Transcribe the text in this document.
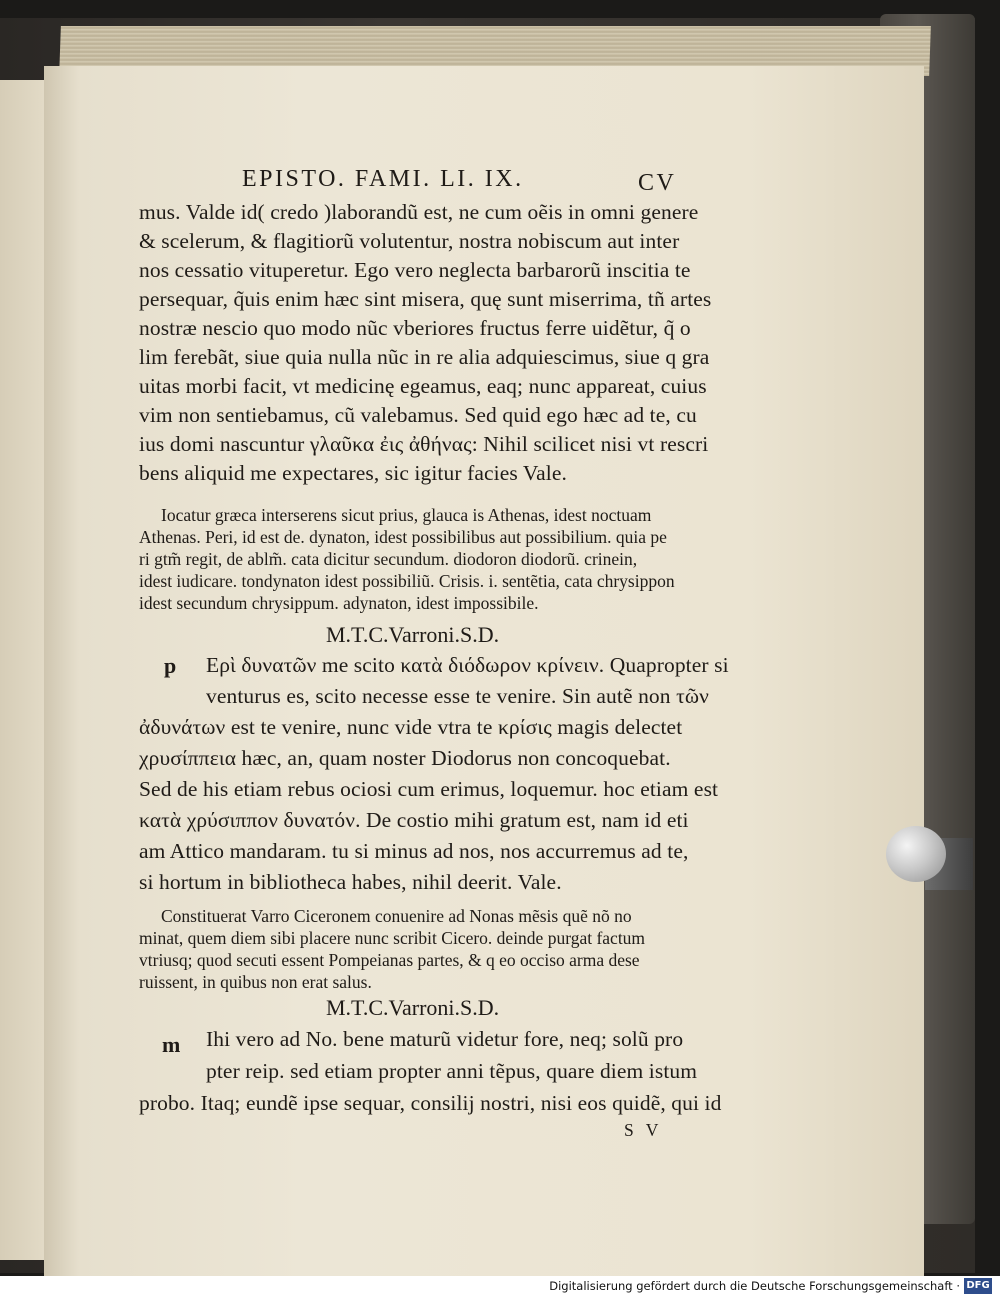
EPISTO. FAMI. LI. IX.	CV
mus. Valde id( credo )laborandũ est, ne cum oẽis in omni genere
& scelerum, & flagitiorũ volutentur, nostra nobiscum aut inter
nos cessatio vituperetur. Ego vero neglecta barbarorũ inscitia te
persequar, q̃uis enim hæc sint misera, quę sunt miserrima, tñ artes
nostræ nescio quo modo nũc vberiores fructus ferre uidẽtur, q̃ o
lim ferebãt, siue quia nulla nũc in re alia adquiescimus, siue q gra
uitas morbi facit, vt medicinę egeamus, eaq; nunc appareat, cuius
vim non sentiebamus, cũ valebamus. Sed quid ego hæc ad te, cu
ius domi nascuntur γλαῦκα ἐις ἀθήνας: Nihil scilicet nisi vt rescri
bens aliquid me expectares, sic igitur facies Vale.
Iocatur græca interserens sicut prius, glauca is Athenas, idest noctuam
Athenas. Peri, id est de. dynaton, idest possibilibus aut possibilium. quia pe
ri gtm̃ regit, de ablm̃. cata dicitur secundum. diodoron diodorũ. crinein,
idest iudicare. tondynaton idest possibiliũ. Crisis. i. sentẽtia, cata chrysippon
idest secundum chrysippum. adynaton, idest impossibile.
M.T.C.Varroni.S.D.
p Eρὶ δυνατῶν me scito κατὰ διόδωρον κρίνειν. Quapropter si
venturus es, scito necesse esse te venire. Sin autẽ non τῶν
ἀδυνάτων est te venire, nunc vide vtra te κρίσις magis delectet
χρυσίππεια hæc, an, quam noster Diodorus non concoquebat.
Sed de his etiam rebus ociosi cum erimus, loquemur. hoc etiam est
κατὰ χρύσιππον δυνατόν. De costio mihi gratum est, nam id eti
am Attico mandaram. tu si minus ad nos, nos accurremus ad te,
si hortum in bibliotheca habes, nihil deerit. Vale.
Constituerat Varro Ciceronem conuenire ad Nonas mẽsis quẽ nõ no
minat, quem diem sibi placere nunc scribit Cicero. deinde purgat factum
vtriusq; quod secuti essent Pompeianas partes, & q eo occiso arma dese
ruissent, in quibus non erat salus.
M.T.C.Varroni.S.D.
m Ihi vero ad No. bene maturũ videtur fore, neq; solũ pro
pter reip. sed etiam propter anni tẽpus, quare diem istum
probo. Itaq; eundẽ ipse sequar, consilij nostri, nisi eos quidẽ, qui id
S V
Digitalisierung gefördert durch die Deutsche Forschungsgemeinschaft · DFG
